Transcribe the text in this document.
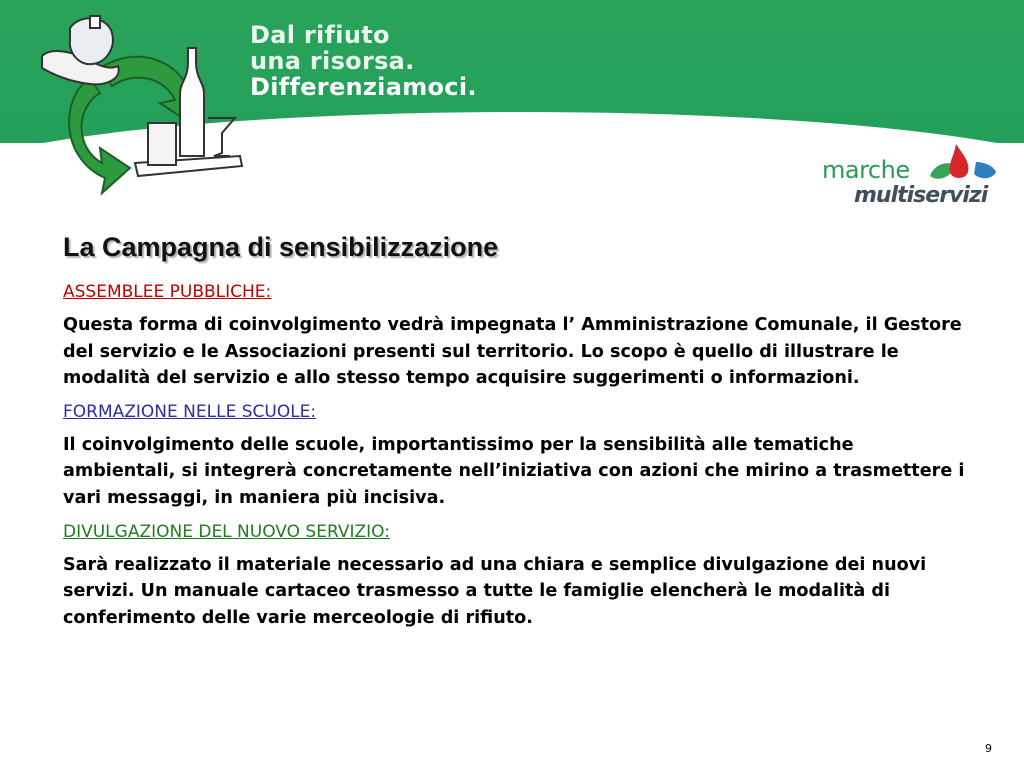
Dal rifiuto
una risorsa.
Differenziamoci.
marche
multiservizi
La Campagna di sensibilizzazione
ASSEMBLEE PUBBLICHE:
Questa forma di coinvolgimento vedrà impegnata l’ Amministrazione Comunale, il Gestore del servizio e le Associazioni presenti sul territorio. Lo scopo è quello di illustrare le modalità del servizio e allo stesso tempo acquisire suggerimenti o informazioni.
FORMAZIONE NELLE SCUOLE:
Il coinvolgimento delle scuole, importantissimo per la sensibilità alle tematiche ambientali, si integrerà concretamente nell’iniziativa con azioni che mirino a trasmettere i vari messaggi, in maniera più incisiva.
DIVULGAZIONE DEL NUOVO SERVIZIO:
Sarà realizzato il materiale necessario ad una chiara e semplice divulgazione dei nuovi servizi. Un manuale cartaceo trasmesso a tutte le famiglie elencherà le modalità di conferimento delle varie merceologie di rifiuto.
9
